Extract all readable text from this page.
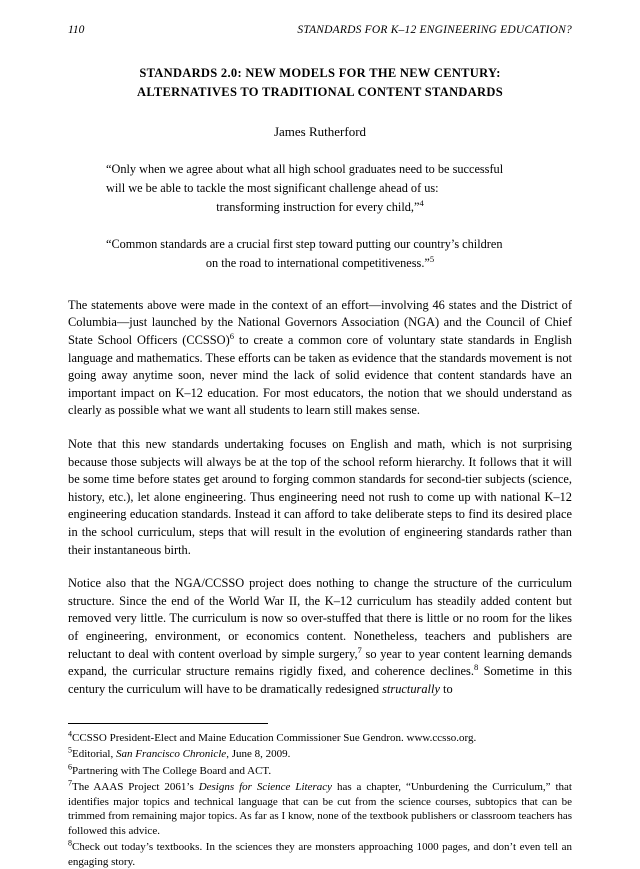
110	STANDARDS FOR K–12 ENGINEERING EDUCATION?
STANDARDS 2.0: NEW MODELS FOR THE NEW CENTURY:
ALTERNATIVES TO TRADITIONAL CONTENT STANDARDS
James Rutherford
“Only when we agree about what all high school graduates need to be successful
will we be able to tackle the most significant challenge ahead of us:
transforming instruction for every child,”$^4$
“Common standards are a crucial first step toward putting our country’s children
on the road to international competitiveness.”$^5$

The statements above were made in the context of an effort—involving 46 states and the District of Columbia—just launched by the National Governors Association (NGA) and the Council of Chief State School Officers (CCSSO)$^6$ to create a common core of voluntary state standards in English language and mathematics. These efforts can be taken as evidence that the standards movement is not going away anytime soon, never mind the lack of solid evidence that content standards have an important impact on K–12 education. For most educators, the notion that we should understand as clearly as possible what we want all students to learn still makes sense.

Note that this new standards undertaking focuses on English and math, which is not surprising because those subjects will always be at the top of the school reform hierarchy. It follows that it will be some time before states get around to forging common standards for second-tier subjects (science, history, etc.), let alone engineering. Thus engineering need not rush to come up with national K–12 engineering education standards. Instead it can afford to take deliberate steps to find its desired place in the school curriculum, steps that will result in the evolution of engineering standards rather than their instantaneous birth.

Notice also that the NGA/CCSSO project does nothing to change the structure of the curriculum structure. Since the end of the World War II, the K–12 curriculum has steadily added content but removed very little. The curriculum is now so over-stuffed that there is little or no room for the likes of engineering, environment, or economics content. Nonetheless, teachers and publishers are reluctant to deal with content overload by simple surgery,$^7$ so year to year content learning demands expand, the curricular structure remains rigidly fixed, and coherence declines.$^8$ Sometime in this century the curriculum will have to be dramatically redesigned structurally to

$^4$CCSSO President-Elect and Maine Education Commissioner Sue Gendron. www.ccsso.org.

$^5$Editorial, San Francisco Chronicle, June 8, 2009.

$^6$Partnering with The College Board and ACT.

$^7$The AAAS Project 2061’s Designs for Science Literacy has a chapter, “Unburdening the Curriculum,” that identifies major topics and technical language that can be cut from the science courses, subtopics that can be trimmed from remaining major topics. As far as I know, none of the textbook publishers or classroom teachers has followed this advice.

$^8$Check out today’s textbooks. In the sciences they are monsters approaching 1000 pages, and don’t even tell an engaging story.
